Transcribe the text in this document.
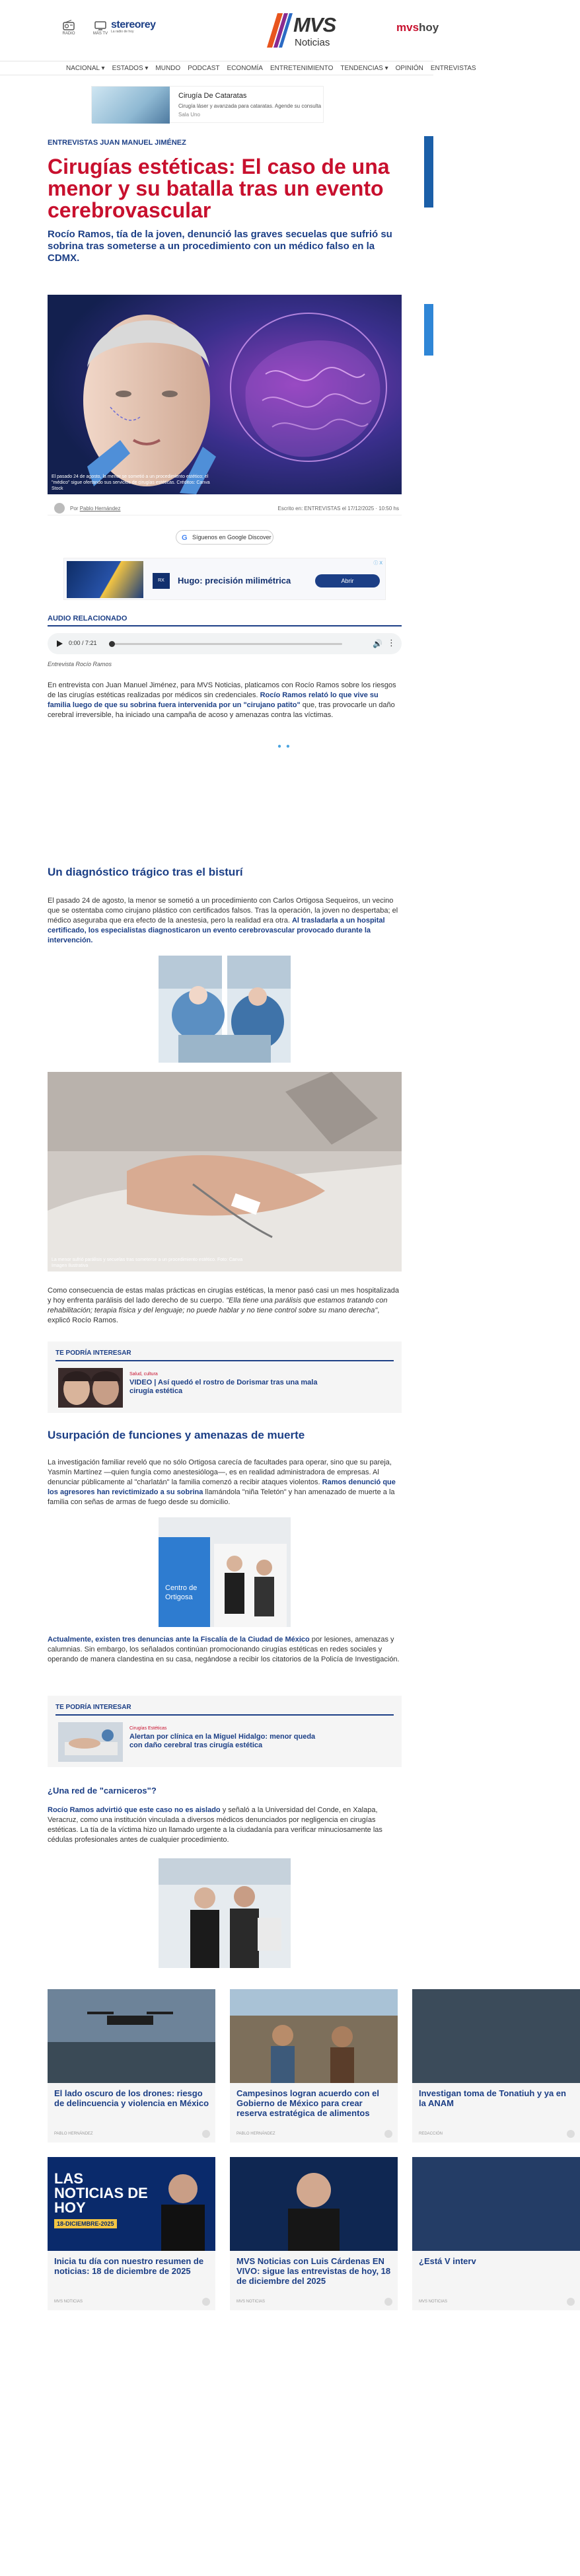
RADIO	MÁS TV
stereorey
La radio de hoy	MVS
Noticias
mvshoy
NACIONAL ▾ ESTADOS ▾ MUNDO PODCAST ECONOMÍA ENTRETENIMIENTO TENDENCIAS ▾ OPINIÓN ENTREVISTAS
Cirugía De Cataratas
Cirugía láser y avanzada para cataratas. Agende su consulta
Sala Uno
ENTREVISTAS JUAN MANUEL JIMÉNEZ
Cirugías estéticas: El caso de una menor y su batalla tras un evento cerebrovascular
Rocío Ramos, tía de la joven, denunció las graves secuelas que sufrió su sobrina tras someterse a un procedimiento con un médico falso en la CDMX.
El pasado 24 de agosto, la menor se sometió a un procedimiento estético; el "médico" sigue ofertando sus servicios de cirugías estéticas. Créditos: Canva Stock
Por Pablo Hernández	Escrito en: ENTREVISTAS el 17/12/2025 · 10:50 hs
G Síguenos en Google Discover
RX	Hugo: precisión milimétrica	Abrir
ⓘ X
AUDIO RELACIONADO
0:00 / 7:21	🔊 ⋮
Entrevista Rocío Ramos

En entrevista con Juan Manuel Jiménez, para MVS Noticias, platicamos con Rocío Ramos sobre los riesgos de las cirugías estéticas realizadas por médicos sin credenciales. Rocío Ramos relató lo que vive su familia luego de que su sobrina fuera intervenida por un "cirujano patito" que, tras provocarle un daño cerebral irreversible, ha iniciado una campaña de acoso y amenazas contra las víctimas.

● ●
Un diagnóstico trágico tras el bisturí

El pasado 24 de agosto, la menor se sometió a un procedimiento con Carlos Ortigosa Sequeiros, un vecino que se ostentaba como cirujano plástico con certificados falsos. Tras la operación, la joven no despertaba; el médico aseguraba que era efecto de la anestesia, pero la realidad era otra. Al trasladarla a un hospital certificado, los especialistas diagnosticaron un evento cerebrovascular provocado durante la intervención.

La menor sufrió parálisis y secuelas tras someterse a un procedimiento estético. Foto: Canva Imagen Ilustrativa

Como consecuencia de estas malas prácticas en cirugías estéticas, la menor pasó casi un mes hospitalizada y hoy enfrenta parálisis del lado derecho de su cuerpo. "Ella tiene una parálisis que estamos tratando con rehabilitación; terapia física y del lenguaje; no puede hablar y no tiene control sobre su mano derecha", explicó Rocío Ramos.

TE PODRÍA INTERESAR
Salud, cultura
VIDEO | Así quedó el rostro de Dorismar tras una mala cirugía estética
Usurpación de funciones y amenazas de muerte

La investigación familiar reveló que no sólo Ortigosa carecía de facultades para operar, sino que su pareja, Yasmín Martínez —quien fungía como anestesióloga—, es en realidad administradora de empresas. Al denunciar públicamente al "charlatán" la familia comenzó a recibir ataques violentos. Ramos denunció que los agresores han revictimizado a su sobrina llamándola "niña Teletón" y han amenazado de muerte a la familia con señas de armas de fuego desde su domicilio.

Centro de
Ortigosa

Actualmente, existen tres denuncias ante la Fiscalía de la Ciudad de México por lesiones, amenazas y calumnias. Sin embargo, los señalados continúan promocionando cirugías estéticas en redes sociales y operando de manera clandestina en su casa, negándose a recibir los citatorios de la Policía de Investigación.

TE PODRÍA INTERESAR
Cirugías Estéticas
Alertan por clínica en la Miguel Hidalgo: menor queda con daño cerebral tras cirugía estética
¿Una red de "carniceros"?

Rocío Ramos advirtió que este caso no es aislado y señaló a la Universidad del Conde, en Xalapa, Veracruz, como una institución vinculada a diversos médicos denunciados por negligencia en cirugías estéticas. La tía de la víctima hizo un llamado urgente a la ciudadanía para verificar minuciosamente las cédulas profesionales antes de cualquier procedimiento.

El lado oscuro de los drones: riesgo de delincuencia y violencia en México
PABLO HERNÁNDEZ
Campesinos logran acuerdo con el Gobierno de México para crear reserva estratégica de alimentos
PABLO HERNÁNDEZ
Investigan toma de Tonatiuh y ya en la ANAM
REDACCIÓN
LAS NOTICIAS DE HOY
18-DICIEMBRE-2025
Inicia tu día con nuestro resumen de noticias: 18 de diciembre de 2025
MVS NOTICIAS
MVS Noticias con Luis Cárdenas EN VIVO: sigue las entrevistas de hoy, 18 de diciembre del 2025
MVS NOTICIAS
¿Está V interv
MVS NOTICIAS
